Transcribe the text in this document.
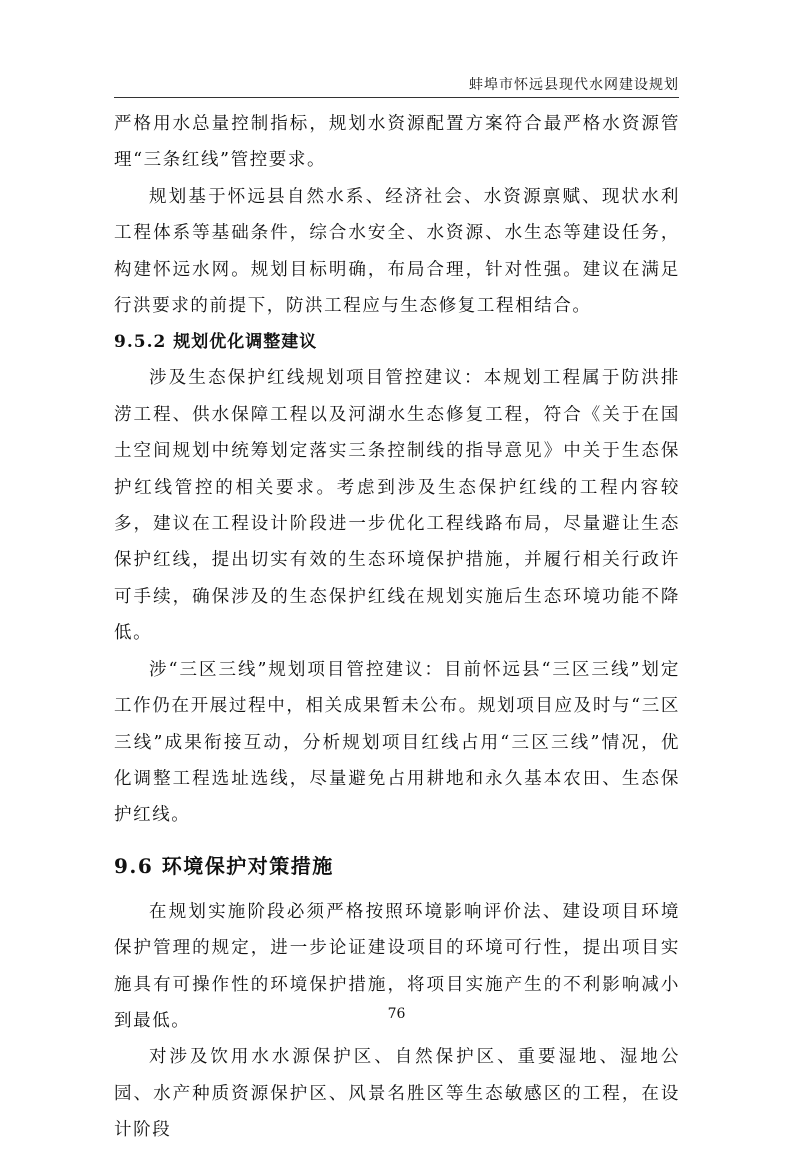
蚌埠市怀远县现代水网建设规划

严格用水总量控制指标，规划水资源配置方案符合最严格水资源管理“三条红线”管控要求。

规划基于怀远县自然水系、经济社会、水资源禀赋、现状水利工程体系等基础条件，综合水安全、水资源、水生态等建设任务，构建怀远水网。规划目标明确，布局合理，针对性强。建议在满足行洪要求的前提下，防洪工程应与生态修复工程相结合。

9.5.2 规划优化调整建议

涉及生态保护红线规划项目管控建议：本规划工程属于防洪排涝工程、供水保障工程以及河湖水生态修复工程，符合《关于在国土空间规划中统筹划定落实三条控制线的指导意见》中关于生态保护红线管控的相关要求。考虑到涉及生态保护红线的工程内容较多，建议在工程设计阶段进一步优化工程线路布局，尽量避让生态保护红线，提出切实有效的生态环境保护措施，并履行相关行政许可手续，确保涉及的生态保护红线在规划实施后生态环境功能不降低。

涉“三区三线”规划项目管控建议：目前怀远县“三区三线”划定工作仍在开展过程中，相关成果暂未公布。规划项目应及时与“三区三线”成果衔接互动，分析规划项目红线占用“三区三线”情况，优化调整工程选址选线，尽量避免占用耕地和永久基本农田、生态保护红线。

9.6 环境保护对策措施

在规划实施阶段必须严格按照环境影响评价法、建设项目环境保护管理的规定，进一步论证建设项目的环境可行性，提出项目实施具有可操作性的环境保护措施，将项目实施产生的不利影响减小到最低。

对涉及饮用水水源保护区、自然保护区、重要湿地、湿地公园、水产种质资源保护区、风景名胜区等生态敏感区的工程，在设计阶段

76
